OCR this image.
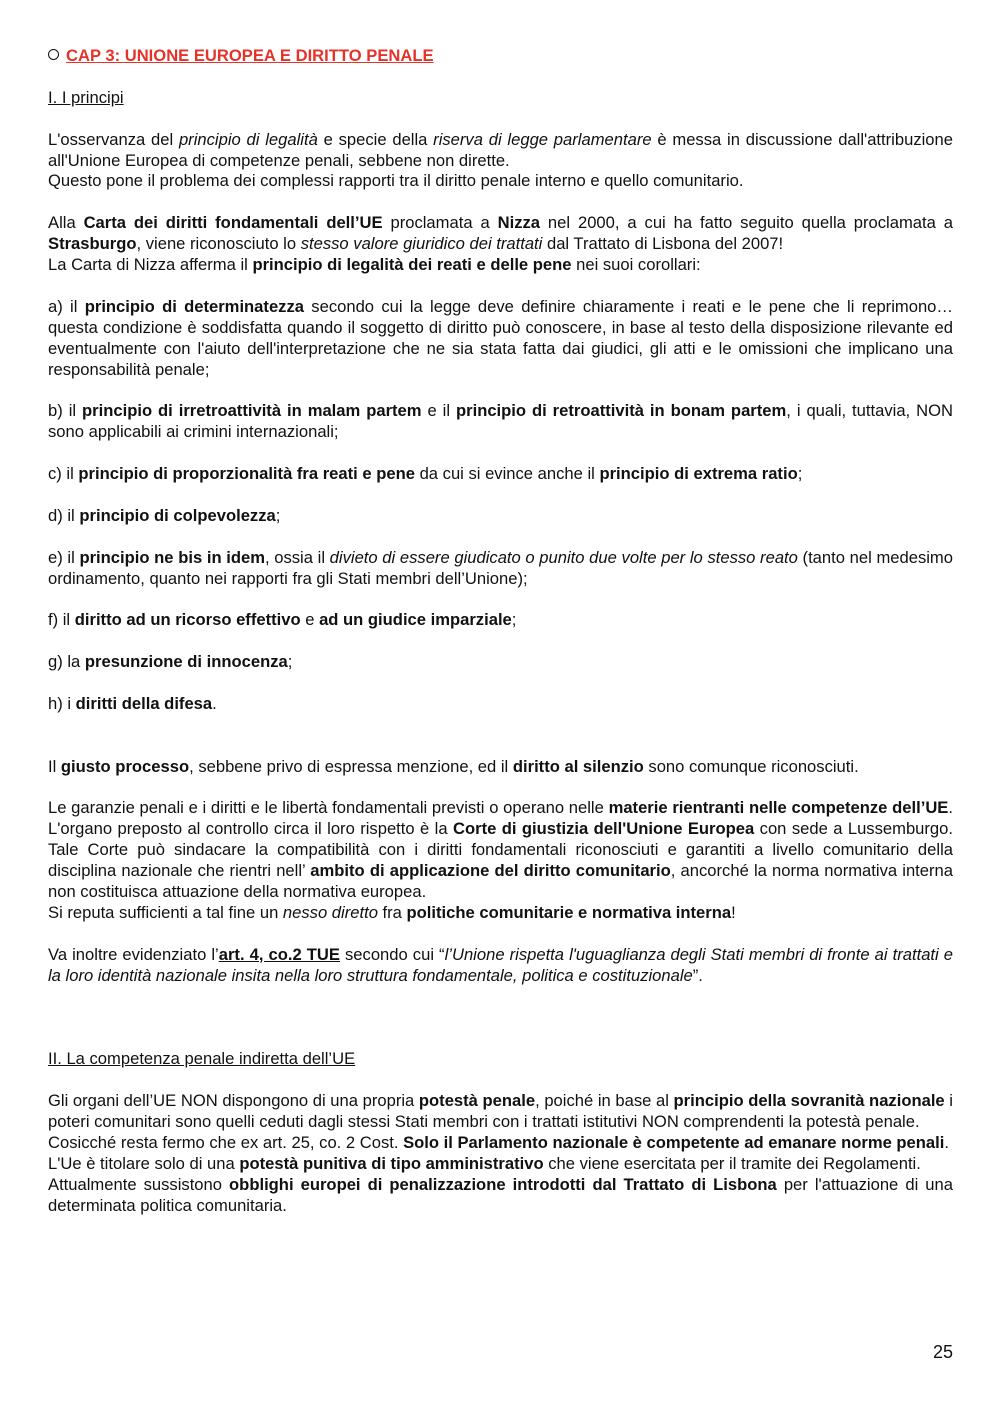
CAP 3: UNIONE EUROPEA E DIRITTO PENALE
I. I principi
L'osservanza del principio di legalità e specie della riserva di legge parlamentare è messa in discussione dall'attribuzione all'Unione Europea di competenze penali, sebbene non dirette.
Questo pone il problema dei complessi rapporti tra il diritto penale interno e quello comunitario.
Alla Carta dei diritti fondamentali dell’UE proclamata a Nizza nel 2000, a cui ha fatto seguito quella proclamata a Strasburgo, viene riconosciuto lo stesso valore giuridico dei trattati dal Trattato di Lisbona del 2007!
La Carta di Nizza afferma il principio di legalità dei reati e delle pene nei suoi corollari:
a) il principio di determinatezza secondo cui la legge deve definire chiaramente i reati e le pene che li reprimono… questa condizione è soddisfatta quando il soggetto di diritto può conoscere, in base al testo della disposizione rilevante ed eventualmente con l'aiuto dell'interpretazione che ne sia stata fatta dai giudici, gli atti e le omissioni che implicano una responsabilità penale;
b) il principio di irretroattività in malam partem e il principio di retroattività in bonam partem, i quali, tuttavia, NON sono applicabili ai crimini internazionali;
c) il principio di proporzionalità fra reati e pene da cui si evince anche il principio di extrema ratio;
d) il principio di colpevolezza;
e) il principio ne bis in idem, ossia il divieto di essere giudicato o punito due volte per lo stesso reato (tanto nel medesimo ordinamento, quanto nei rapporti fra gli Stati membri dell’Unione);
f) il diritto ad un ricorso effettivo e ad un giudice imparziale;
g) la presunzione di innocenza;
h) i diritti della difesa.
Il giusto processo, sebbene privo di espressa menzione, ed il diritto al silenzio sono comunque riconosciuti.
Le garanzie penali e i diritti e le libertà fondamentali previsti o operano nelle materie rientranti nelle competenze dell’UE. L'organo preposto al controllo circa il loro rispetto è la Corte di giustizia dell'Unione Europea con sede a Lussemburgo. Tale Corte può sindacare la compatibilità con i diritti fondamentali riconosciuti e garantiti a livello comunitario della disciplina nazionale che rientri nell’ ambito di applicazione del diritto comunitario, ancorché la norma normativa interna non costituisca attuazione della normativa europea.
Si reputa sufficienti a tal fine un nesso diretto fra politiche comunitarie e normativa interna!
Va inoltre evidenziato l’art. 4, co.2 TUE secondo cui “l’Unione rispetta l'uguaglianza degli Stati membri di fronte ai trattati e la loro identità nazionale insita nella loro struttura fondamentale, politica e costituzionale”.
II. La competenza penale indiretta dell’UE
Gli organi dell’UE NON dispongono di una propria potestà penale, poiché in base al principio della sovranità nazionale i poteri comunitari sono quelli ceduti dagli stessi Stati membri con i trattati istitutivi NON comprendenti la potestà penale.
Cosicché resta fermo che ex art. 25, co. 2 Cost. Solo il Parlamento nazionale è competente ad emanare norme penali.
L'Ue è titolare solo di una potestà punitiva di tipo amministrativo che viene esercitata per il tramite dei Regolamenti.
Attualmente sussistono obblighi europei di penalizzazione introdotti dal Trattato di Lisbona per l'attuazione di una determinata politica comunitaria.
25
